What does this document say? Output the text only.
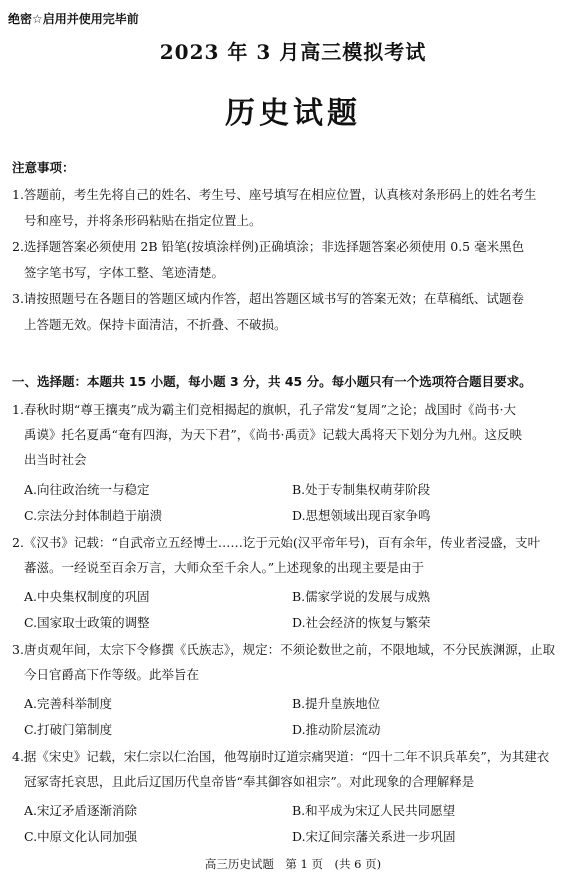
绝密☆启用并使用完毕前
2023 年 3 月高三模拟考试
历史试题
注意事项：
1.答题前，考生先将自己的姓名、考生号、座号填写在相应位置，认真核对条形码上的姓名考生
号和座号，并将条形码粘贴在指定位置上。
2.选择题答案必须使用 2B 铅笔(按填涂样例)正确填涂；非选择题答案必须使用 0.5 毫米黑色
签字笔书写，字体工整、笔迹清楚。
3.请按照题号在各题目的答题区域内作答，超出答题区域书写的答案无效；在草稿纸、试题卷
上答题无效。保持卡面清洁，不折叠、不破损。
一、选择题：本题共 15 小题，每小题 3 分，共 45 分。每小题只有一个选项符合题目要求。
1.春秋时期“尊王攘夷”成为霸主们竞相揭起的旗帜，孔子常发“复周”之论；战国时《尚书·大
禹谟》托名夏禹“奄有四海，为天下君”，《尚书·禹贡》记载大禹将天下划分为九州。这反映
出当时社会
A.向往政治统一与稳定	B.处于专制集权萌芽阶段
C.宗法分封体制趋于崩溃	D.思想领域出现百家争鸣
2.《汉书》记载：“自武帝立五经博士……讫于元始(汉平帝年号)，百有余年，传业者浸盛，支叶
蕃滋。一经说至百余万言，大师众至千余人。”上述现象的出现主要是由于
A.中央集权制度的巩固	B.儒家学说的发展与成熟
C.国家取士政策的调整	D.社会经济的恢复与繁荣
3.唐贞观年间，太宗下令修撰《氏族志》，规定：不须论数世之前，不限地域，不分民族渊源，止取
今日官爵高下作等级。此举旨在
A.完善科举制度	B.提升皇族地位
C.打破门第制度	D.推动阶层流动
4.据《宋史》记载，宋仁宗以仁治国，他驾崩时辽道宗痛哭道：“四十二年不识兵革矣”，为其建衣
冠冢寄托哀思，且此后辽国历代皇帝皆“奉其御容如祖宗”。对此现象的合理解释是
A.宋辽矛盾逐渐消除	B.和平成为宋辽人民共同愿望
C.中原文化认同加强	D.宋辽间宗藩关系进一步巩固
高三历史试题　第 1 页　(共 6 页)
